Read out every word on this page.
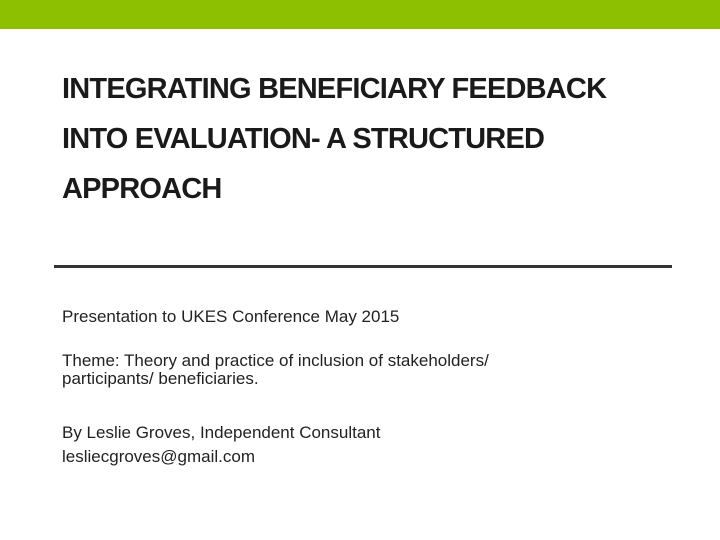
INTEGRATING BENEFICIARY FEEDBACK
INTO EVALUATION- A STRUCTURED
APPROACH

Presentation to UKES Conference May 2015

Theme: Theory and practice of inclusion of stakeholders/
participants/ beneficiaries.

By Leslie Groves, Independent Consultant
lesliecgroves@gmail.com
